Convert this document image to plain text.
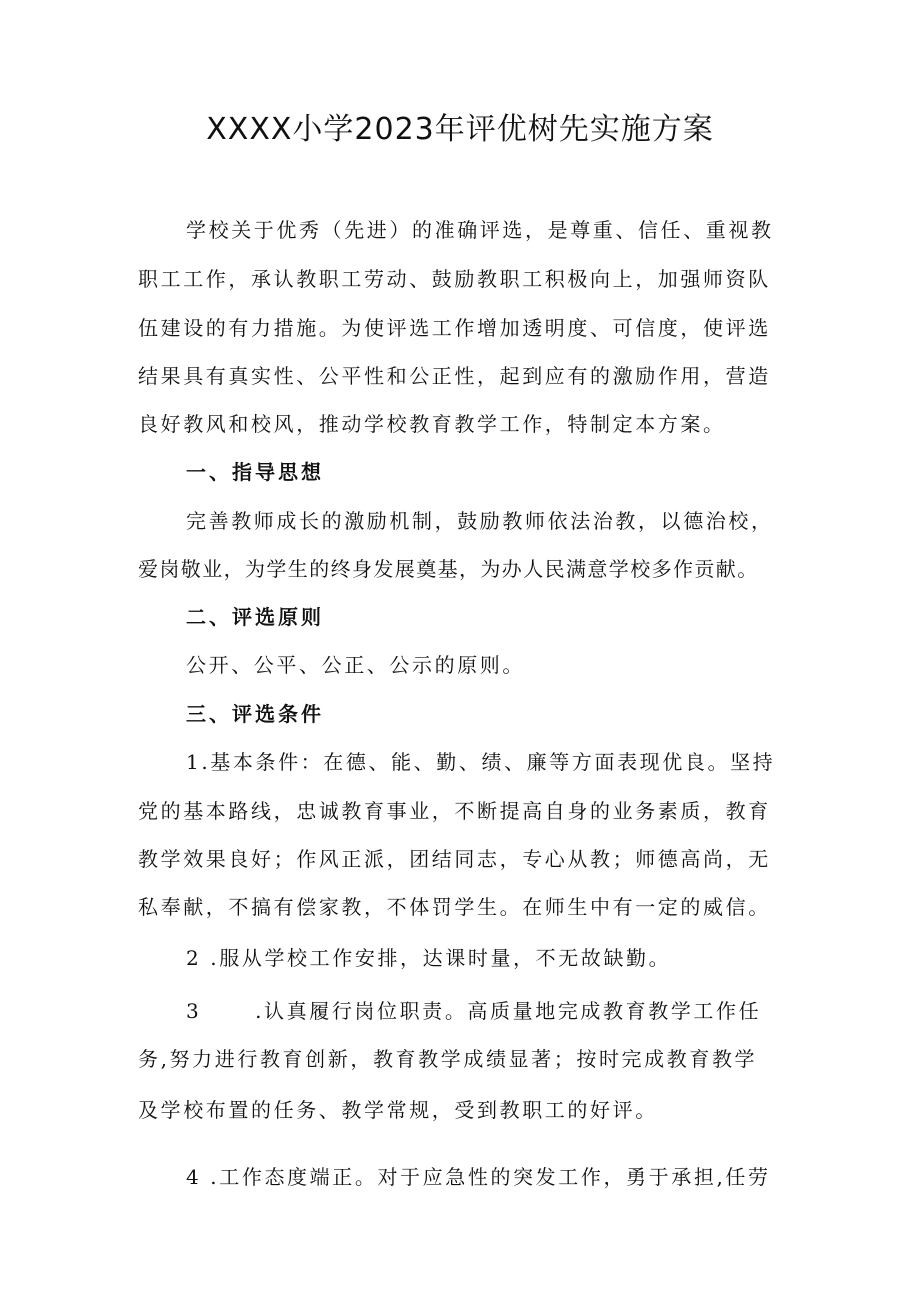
XXXX小学2023年评优树先实施方案
学校关于优秀（先进）的准确评选，是尊重、信任、重视教
职工工作，承认教职工劳动、鼓励教职工积极向上，加强师资队
伍建设的有力措施。为使评选工作增加透明度、可信度，使评选
结果具有真实性、公平性和公正性，起到应有的激励作用，营造
良好教风和校风，推动学校教育教学工作，特制定本方案。
一、指导思想
完善教师成长的激励机制，鼓励教师依法治教，以德治校，
爱岗敬业，为学生的终身发展奠基，为办人民满意学校多作贡献。
二、评选原则
公开、公平、公正、公示的原则。
三、评选条件
1.基本条件：在德、能、勤、绩、廉等方面表现优良。坚持
党的基本路线，忠诚教育事业，不断提高自身的业务素质，教育
教学效果良好；作风正派，团结同志，专心从教；师德高尚，无
私奉献，不搞有偿家教，不体罚学生。在师生中有一定的威信。
2 .服从学校工作安排，达课时量，不无故缺勤。
3      .认真履行岗位职责。高质量地完成教育教学工作任
务,努力进行教育创新，教育教学成绩显著；按时完成教育教学
及学校布置的任务、教学常规，受到教职工的好评。
4 .工作态度端正。对于应急性的突发工作，勇于承担,任劳
